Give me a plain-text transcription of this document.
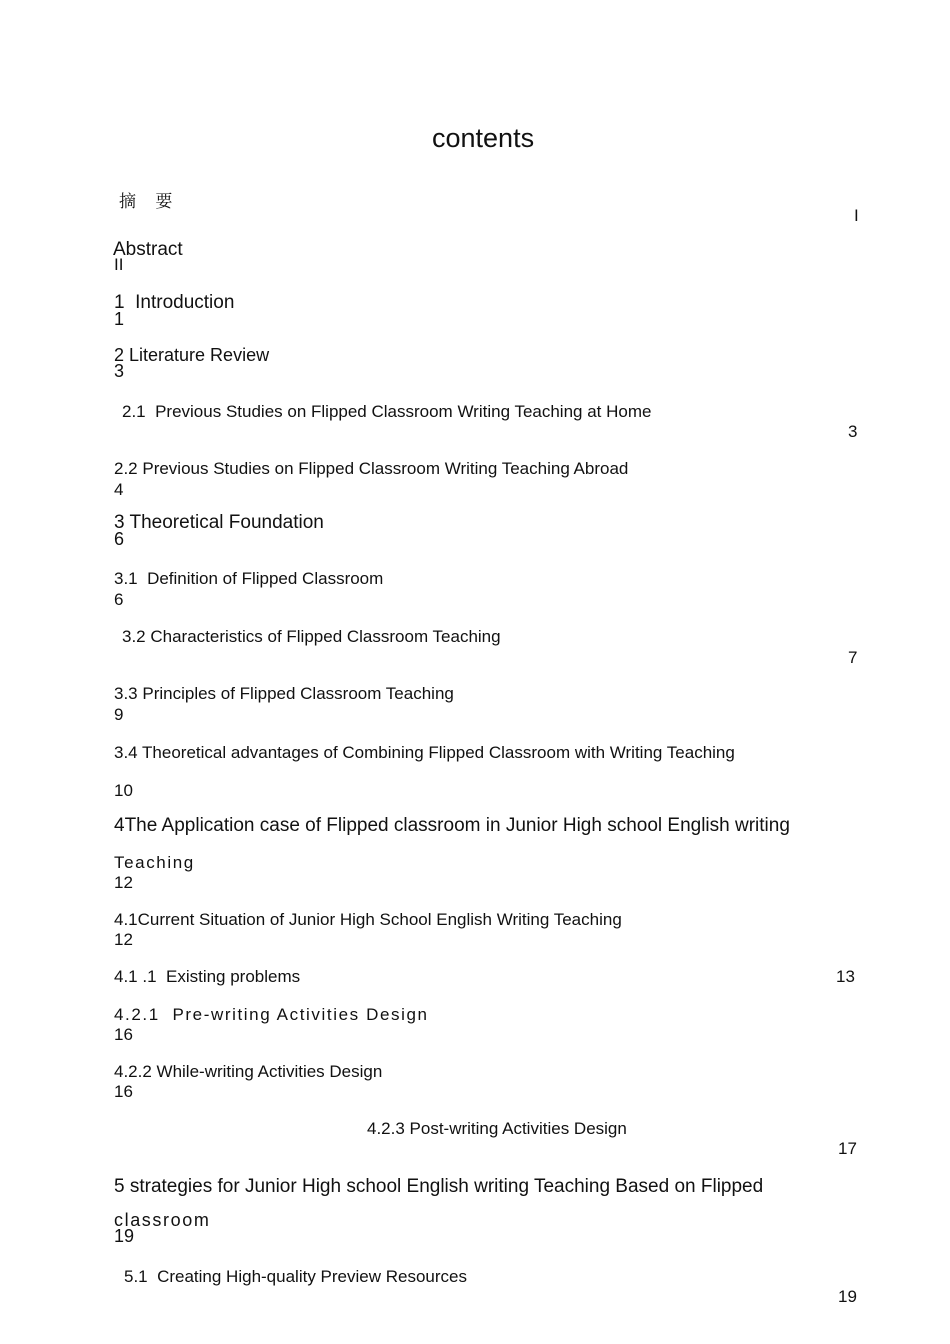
contents
摘 要
I
Abstract
II
1  Introduction
1
2 Literature Review
3
2.1  Previous Studies on Flipped Classroom Writing Teaching at Home
3
2.2 Previous Studies on Flipped Classroom Writing Teaching Abroad
4
3 Theoretical Foundation
6
3.1  Definition of Flipped Classroom
6
3.2 Characteristics of Flipped Classroom Teaching
7
3.3 Principles of Flipped Classroom Teaching
9
3.4 Theoretical advantages of Combining Flipped Classroom with Writing Teaching
10
4The Application case of Flipped classroom in Junior High school English writing
Teaching
12
4.1Current Situation of Junior High School English Writing Teaching
12
4.1 .1  Existing problems	13
4.2.1  Pre-writing Activities Design
16
4.2.2 While-writing Activities Design
16
4.2.3 Post-writing Activities Design
17
5 strategies for Junior High school English writing Teaching Based on Flipped
classroom
19
5.1  Creating High-quality Preview Resources
19
